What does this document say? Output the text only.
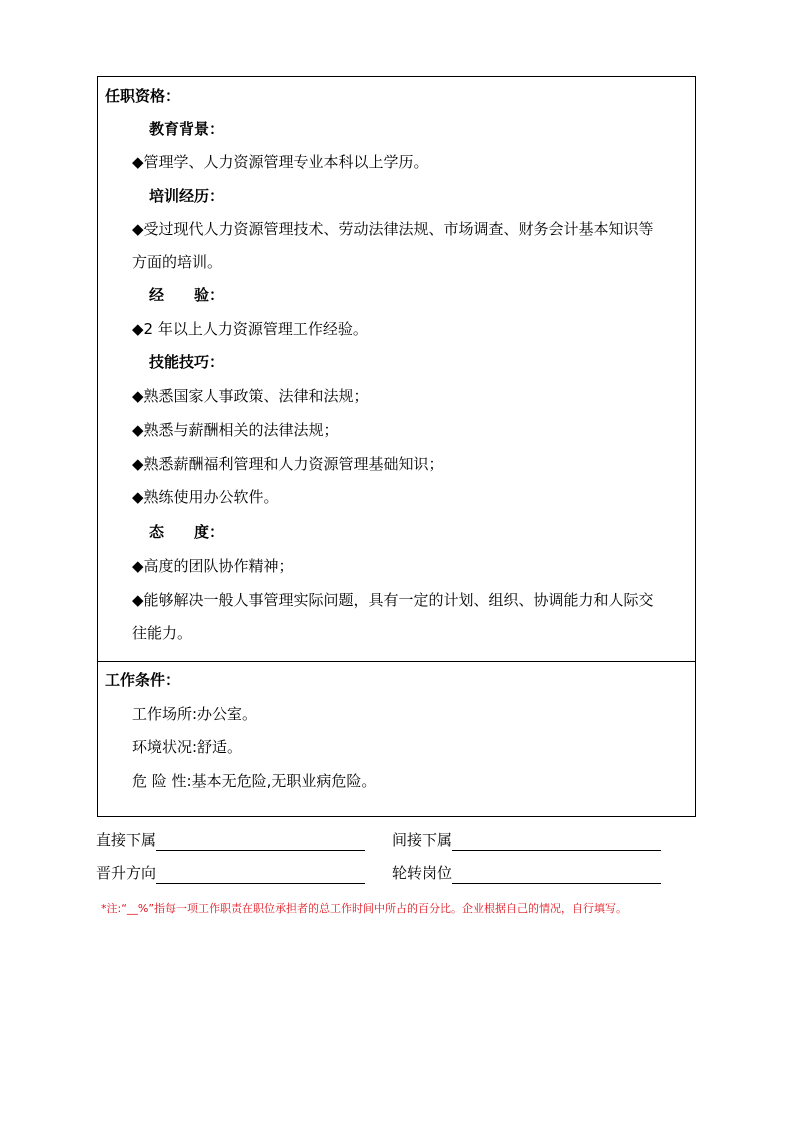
任职资格：
教育背景：
◆管理学、人力资源管理专业本科以上学历。
培训经历：
◆受过现代人力资源管理技术、劳动法律法规、市场调查、财务会计基本知识等
方面的培训。
经　　验：
◆2 年以上人力资源管理工作经验。
技能技巧：
◆熟悉国家人事政策、法律和法规；
◆熟悉与薪酬相关的法律法规；
◆熟悉薪酬福利管理和人力资源管理基础知识；
◆熟练使用办公软件。
态　　度：
◆高度的团队协作精神；
◆能够解决一般人事管理实际问题，具有一定的计划、组织、协调能力和人际交
往能力。
工作条件：
工作场所:办公室。
环境状况:舒适。
危 险 性:基本无危险,无职业病危险。
直接下属	间接下属
晋升方向	轮转岗位
*注:“__%”指每一项工作职责在职位承担者的总工作时间中所占的百分比。企业根据自己的情况，自行填写。
